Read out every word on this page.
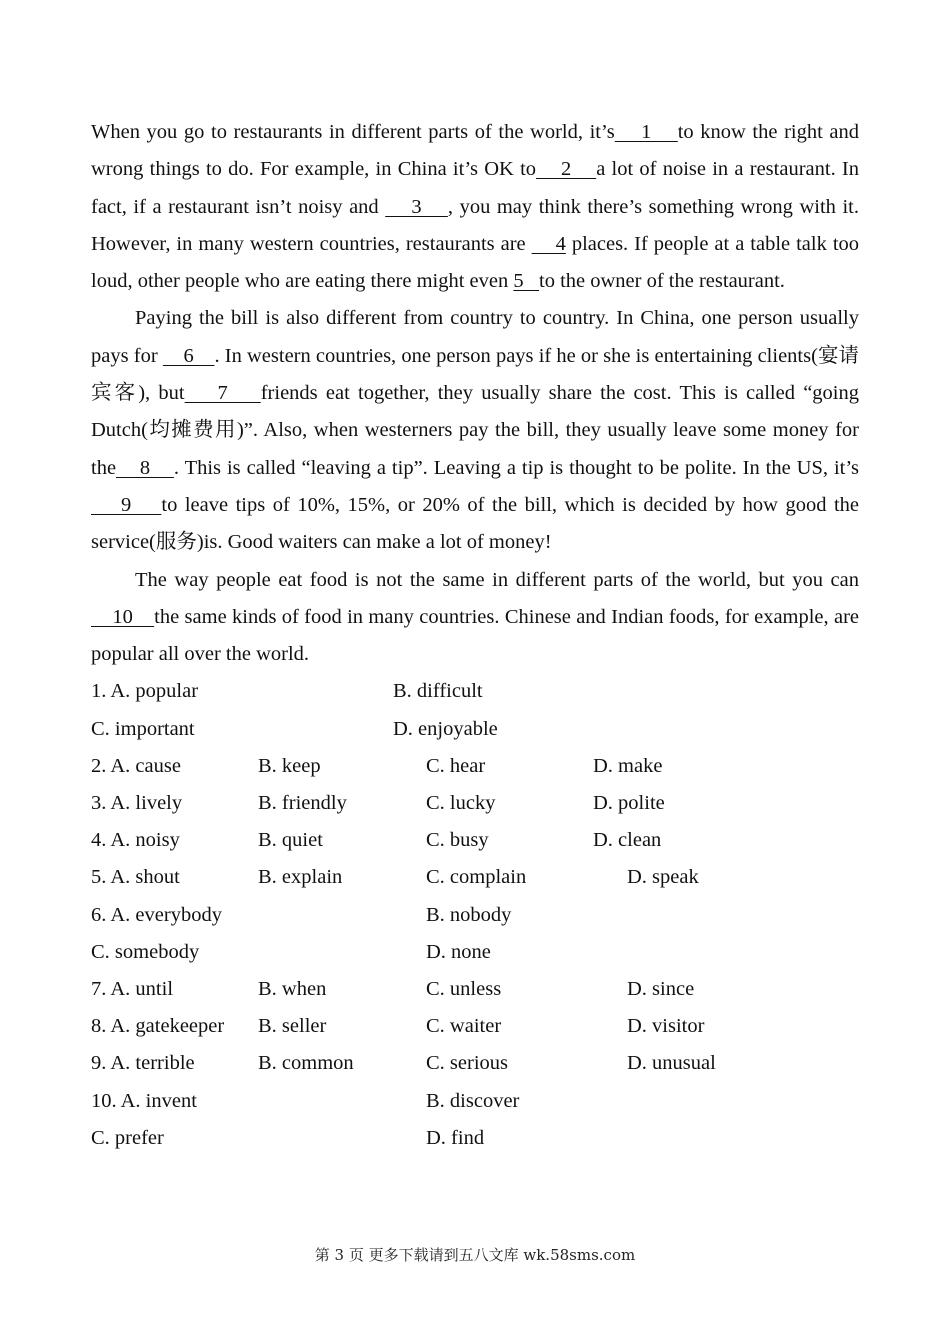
When you go to restaurants in different parts of the world, it’s    1    to know the right and wrong things to do. For example, in China it’s OK to    2    a lot of noise in a restaurant. In fact, if a restaurant isn’t noisy and     3    , you may think there’s something wrong with it. However, in many western countries, restaurants are     4 places. If people at a table talk too loud, other people who are eating there might even 5   to the owner of the restaurant.

Paying the bill is also different from country to country. In China, one person usually pays for     6    . In western countries, one person pays if he or she is entertaining clients(宴请宾客), but    7    friends eat together, they usually share the cost. This is called “going Dutch(均摊费用)”. Also, when westerners pay the bill, they usually leave some money for the    8    . This is called “leaving a tip”. Leaving a tip is thought to be polite. In the US, it’s    9    to leave tips of 10%, 15%, or 20% of the bill, which is decided by how good the service(服务)is. Good waiters can make a lot of money!

The way people eat food is not the same in different parts of the world, but you can    10    the same kinds of food in many countries. Chinese and Indian foods, for example, are popular all over the world.

1. A. popular	B. difficult
C. important	D. enjoyable
2. A. cause	B. keep	C. hear	D. make
3. A. lively	B. friendly	C. lucky	D. polite
4. A. noisy	B. quiet	C. busy	D. clean
5. A. shout	B. explain	C. complain	D. speak
6. A. everybody	B. nobody
C. somebody	D. none
7. A. until	B. when	C. unless	D. since
8. A. gatekeeper B. seller	C. waiter	D. visitor
9. A. terrible	B. common	C. serious	D. unusual
10. A. invent	B. discover
C. prefer	D. find
第 3 页 更多下载请到五八文库 wk.58sms.com
